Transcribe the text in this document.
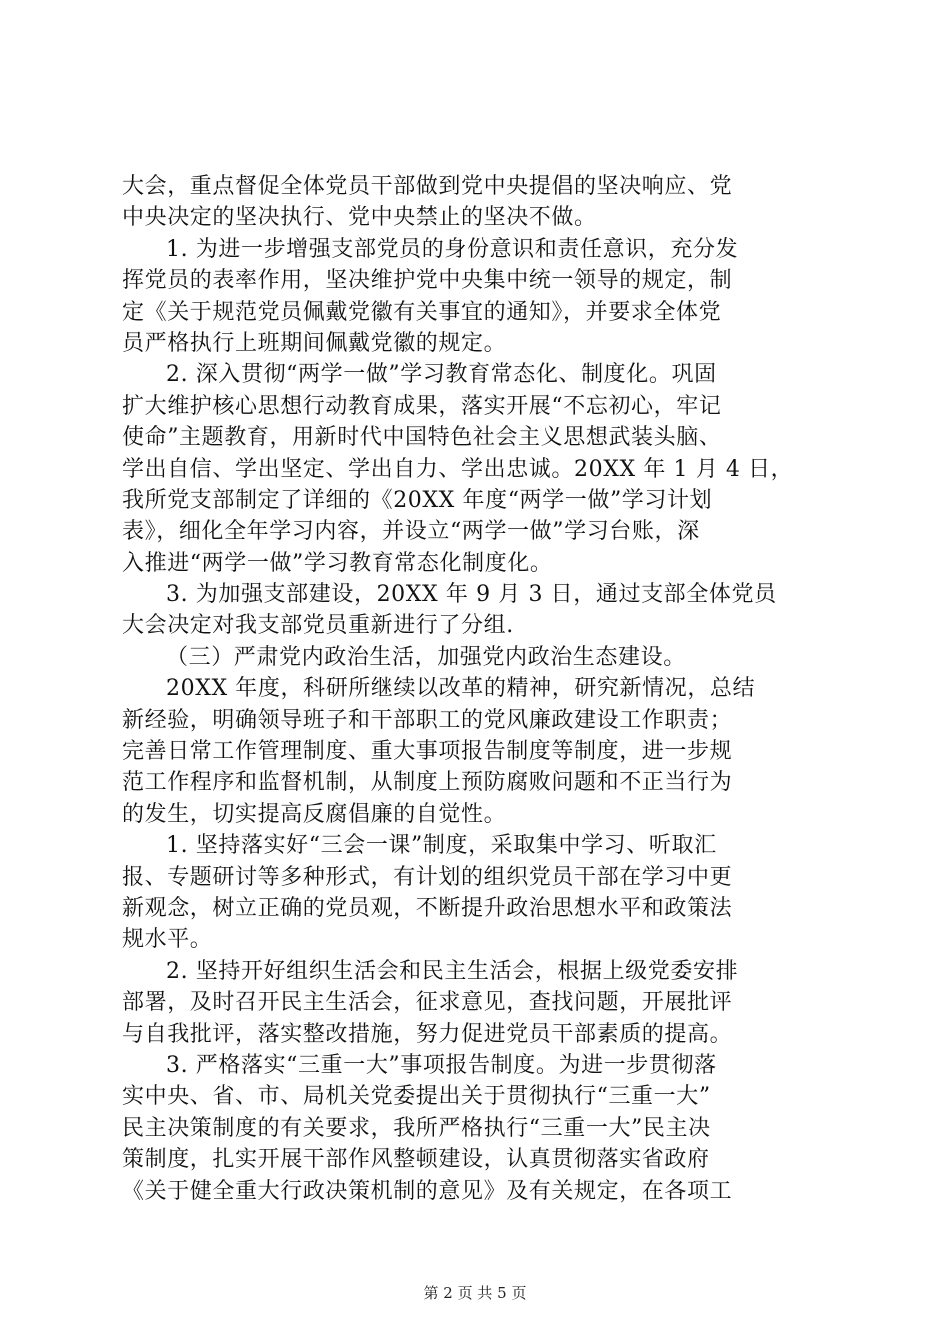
大会，重点督促全体党员干部做到党中央提倡的坚决响应、党
中央决定的坚决执行、党中央禁止的坚决不做。
1. 为进一步增强支部党员的身份意识和责任意识，充分发
挥党员的表率作用，坚决维护党中央集中统一领导的规定，制
定《关于规范党员佩戴党徽有关事宜的通知》，并要求全体党
员严格执行上班期间佩戴党徽的规定。
2. 深入贯彻“两学一做”学习教育常态化、制度化。巩固
扩大维护核心思想行动教育成果，落实开展“不忘初心，牢记
使命”主题教育，用新时代中国特色社会主义思想武装头脑、
学出自信、学出坚定、学出自力、学出忠诚。20XX 年 1 月 4 日，
我所党支部制定了详细的《20XX 年度“两学一做”学习计划
表》，细化全年学习内容，并设立“两学一做”学习台账，深
入推进“两学一做”学习教育常态化制度化。
3. 为加强支部建设，20XX 年 9 月 3 日，通过支部全体党员
大会决定对我支部党员重新进行了分组.
（三）严肃党内政治生活，加强党内政治生态建设。
20XX 年度，科研所继续以改革的精神，研究新情况，总结
新经验，明确领导班子和干部职工的党风廉政建设工作职责；
完善日常工作管理制度、重大事项报告制度等制度，进一步规
范工作程序和监督机制，从制度上预防腐败问题和不正当行为
的发生，切实提高反腐倡廉的自觉性。
1. 坚持落实好“三会一课”制度，采取集中学习、听取汇
报、专题研讨等多种形式，有计划的组织党员干部在学习中更
新观念，树立正确的党员观，不断提升政治思想水平和政策法
规水平。
2. 坚持开好组织生活会和民主生活会，根据上级党委安排
部署，及时召开民主生活会，征求意见，查找问题，开展批评
与自我批评，落实整改措施，努力促进党员干部素质的提高。
3. 严格落实“三重一大”事项报告制度。为进一步贯彻落
实中央、省、市、局机关党委提出关于贯彻执行“三重一大”
民主决策制度的有关要求，我所严格执行“三重一大”民主决
策制度，扎实开展干部作风整顿建设，认真贯彻落实省政府
《关于健全重大行政决策机制的意见》及有关规定，在各项工
第 2 页 共 5 页
